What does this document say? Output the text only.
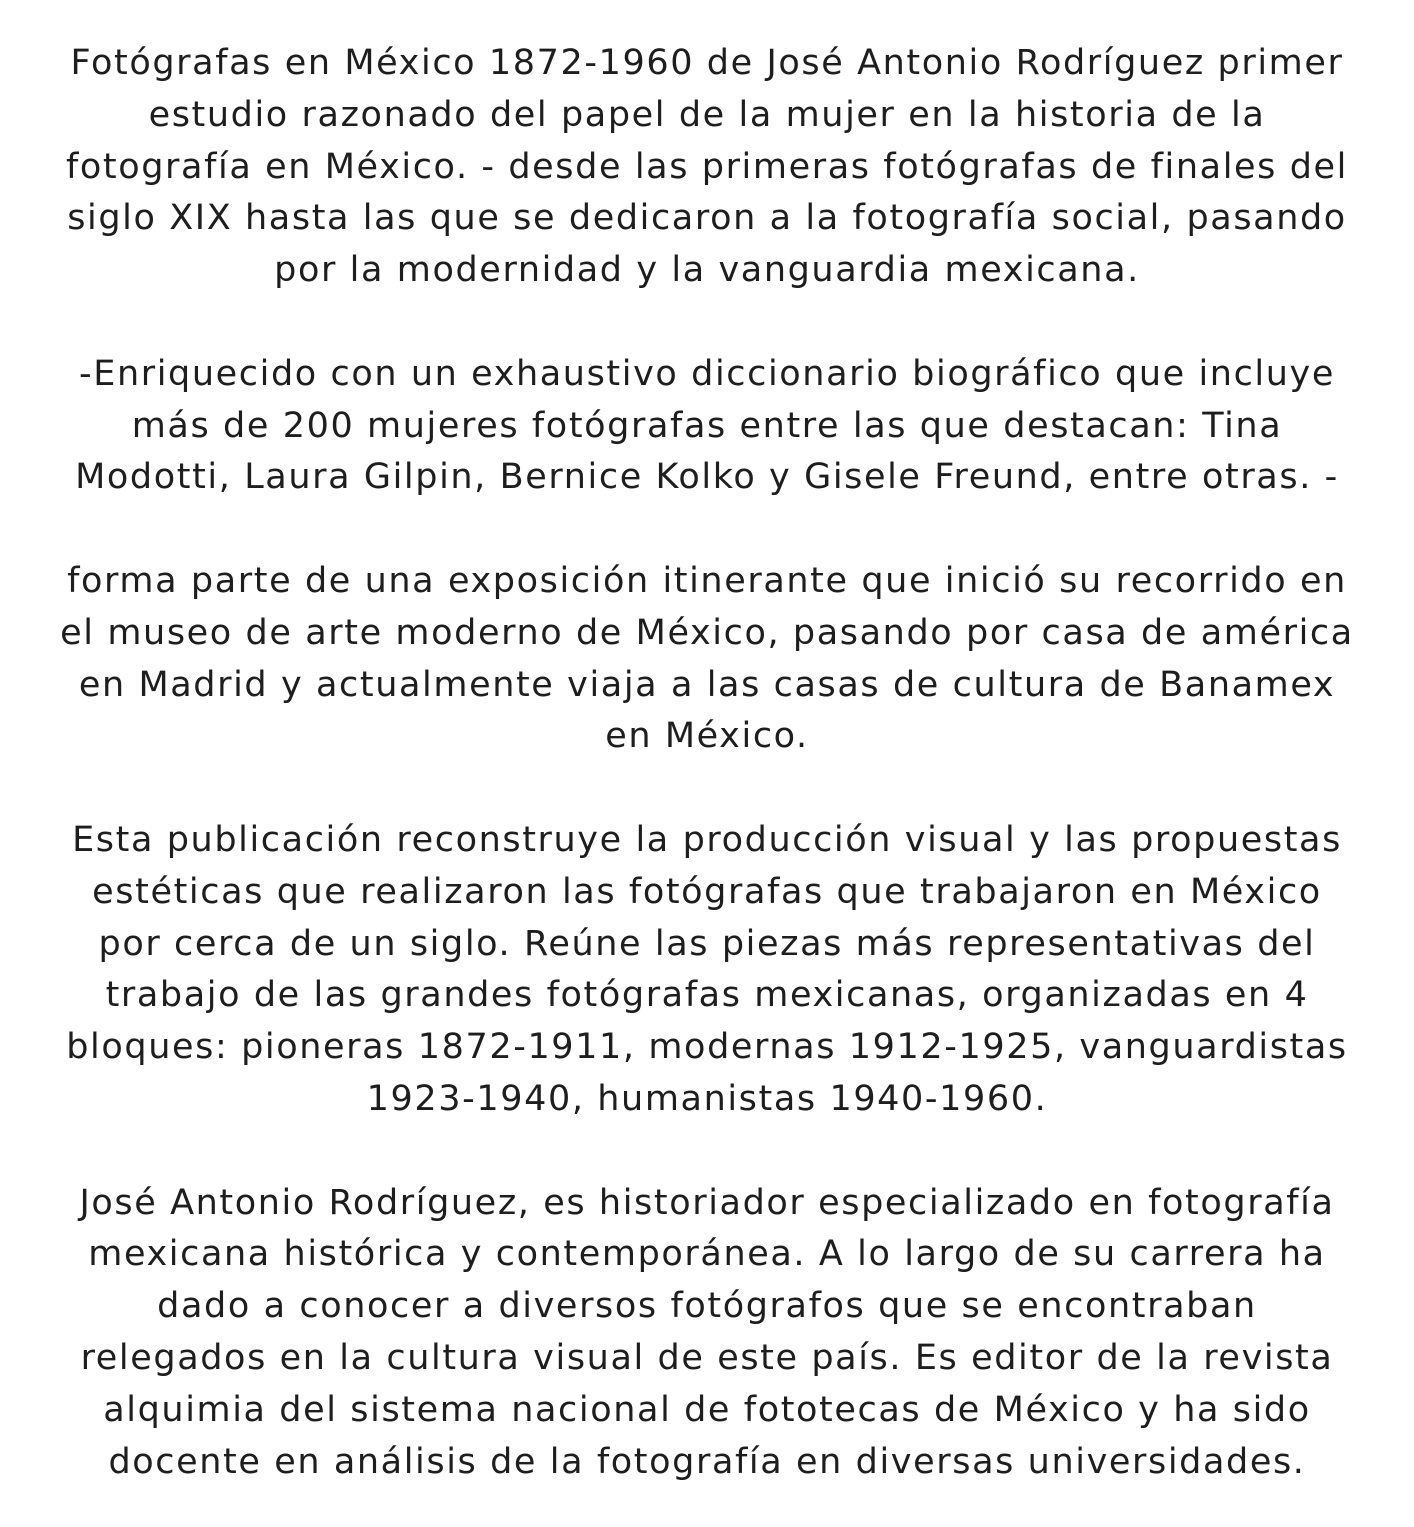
Fotógrafas en México 1872-1960 de José Antonio Rodríguez primer estudio razonado del papel de la mujer en la historia de la fotografía en México. - desde las primeras fotógrafas de finales del siglo XIX hasta las que se dedicaron a la fotografía social, pasando por la modernidad y la vanguardia mexicana.

-Enriquecido con un exhaustivo diccionario biográfico que incluye más de 200 mujeres fotógrafas entre las que destacan: Tina Modotti, Laura Gilpin, Bernice Kolko y Gisele Freund, entre otras. -

forma parte de una exposición itinerante que inició su recorrido en el museo de arte moderno de México, pasando por casa de américa en Madrid y actualmente viaja a las casas de cultura de Banamex en México.

Esta publicación reconstruye la producción visual y las propuestas estéticas que realizaron las fotógrafas que trabajaron en México por cerca de un siglo. Reúne las piezas más representativas del trabajo de las grandes fotógrafas mexicanas, organizadas en 4 bloques: pioneras 1872-1911, modernas 1912-1925, vanguardistas 1923-1940, humanistas 1940-1960.

José Antonio Rodríguez, es historiador especializado en fotografía mexicana histórica y contemporánea. A lo largo de su carrera ha dado a conocer a diversos fotógrafos que se encontraban relegados en la cultura visual de este país. Es editor de la revista alquimia del sistema nacional de fototecas de México y ha sido docente en análisis de la fotografía en diversas universidades.
